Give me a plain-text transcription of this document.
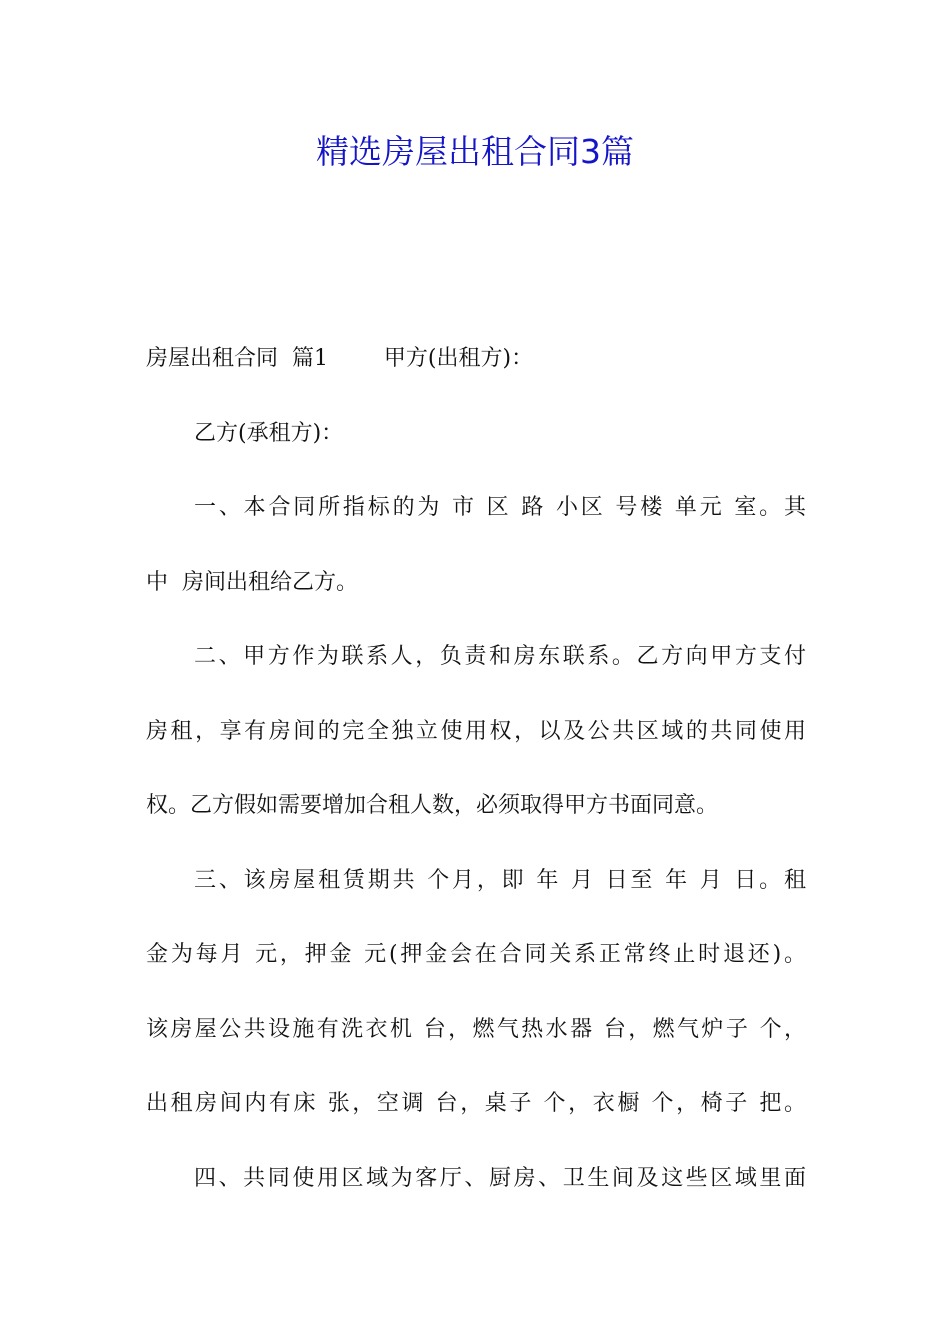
精选房屋出租合同3篇
房屋出租合同  篇1        甲方(出租方)：
乙方(承租方)：
一、本合同所指标的为 市 区 路 小区 号楼 单元 室。其
中  房间出租给乙方。
二、甲方作为联系人，负责和房东联系。乙方向甲方支付
房租，享有房间的完全独立使用权，以及公共区域的共同使用
权。乙方假如需要增加合租人数，必须取得甲方书面同意。
三、该房屋租赁期共 个月，即 年 月 日至 年 月 日。租
金为每月 元，押金 元(押金会在合同关系正常终止时退还)。
该房屋公共设施有洗衣机 台，燃气热水器 台，燃气炉子 个，
出租房间内有床 张，空调 台，桌子 个，衣橱 个，椅子 把。
四、共同使用区域为客厅、厨房、卫生间及这些区域里面
